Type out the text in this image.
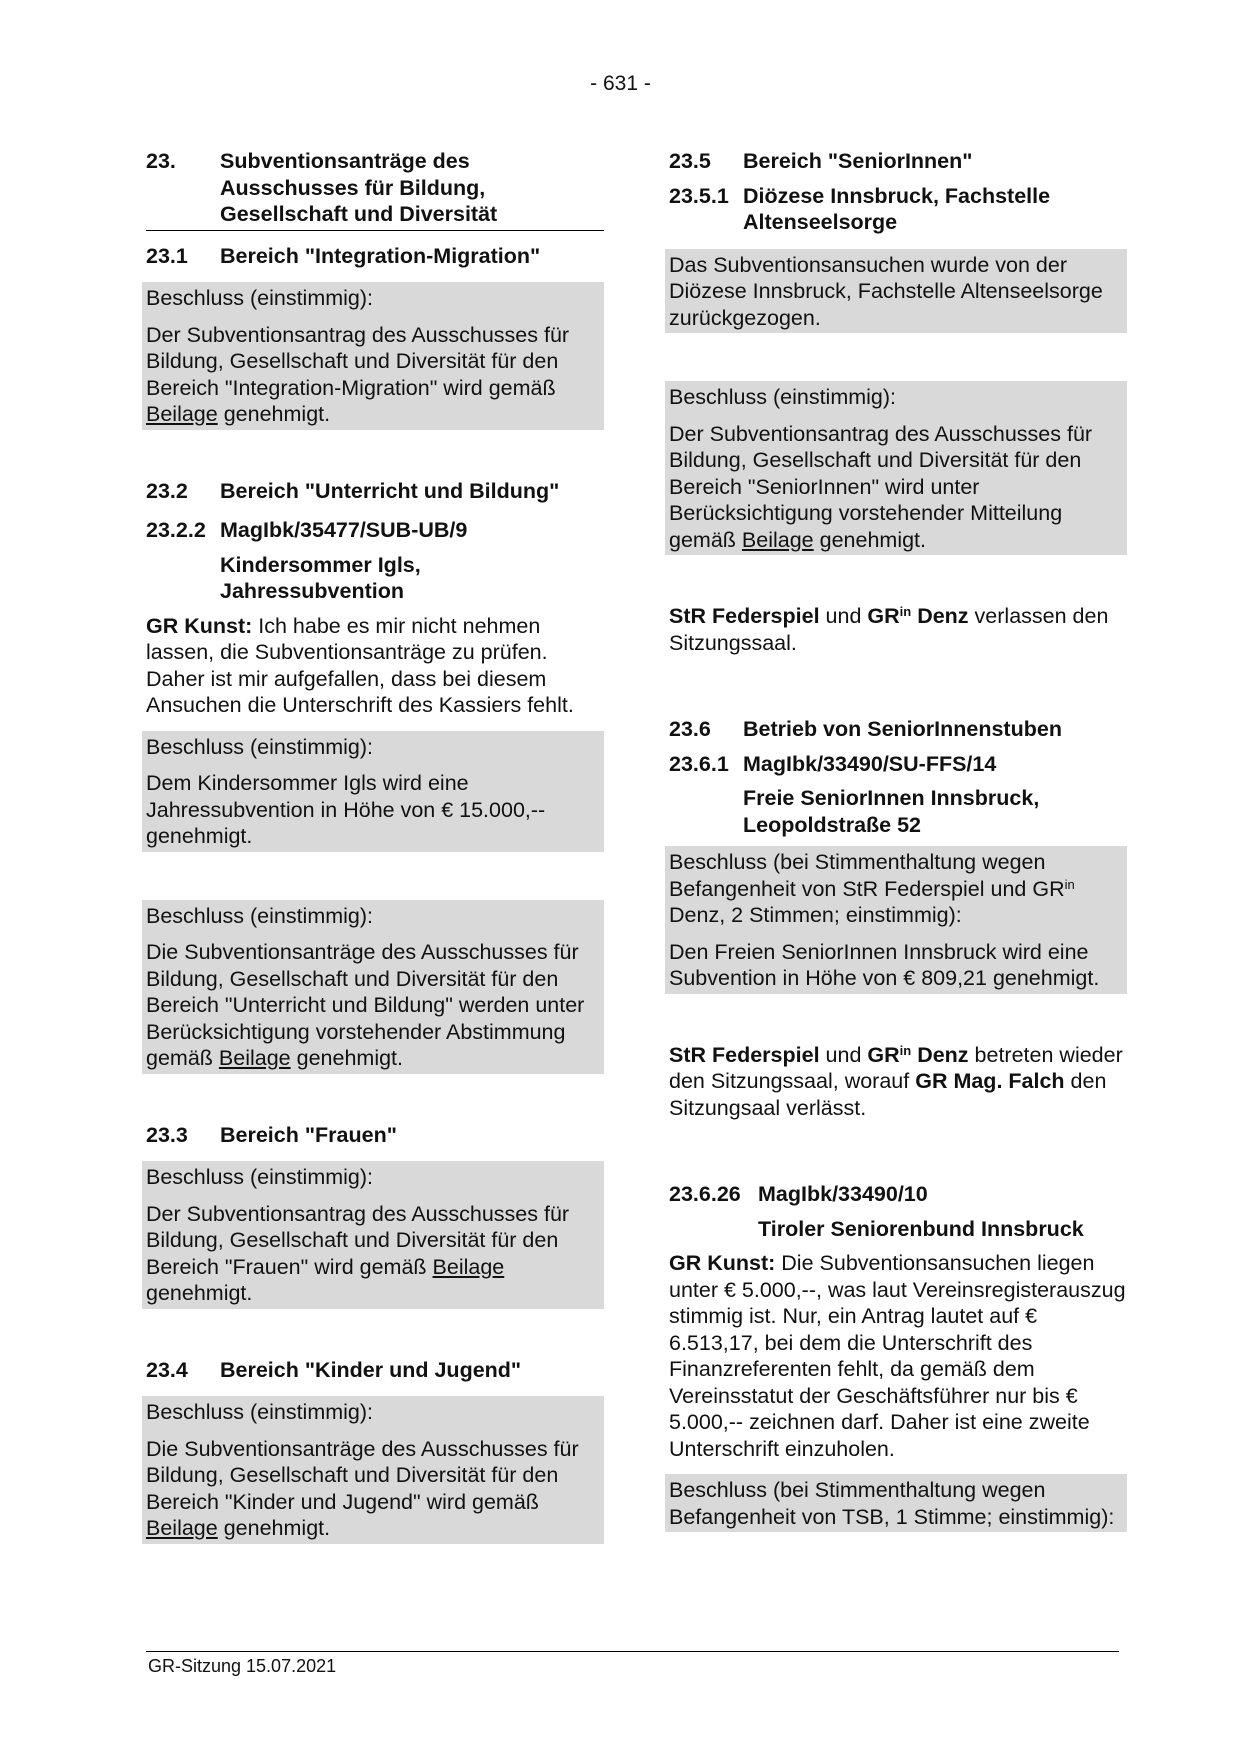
- 631 -
23.	Subventionsanträge des Ausschusses für Bildung, Gesellschaft und Diversität
23.1	Bereich "Integration-Migration"

Beschluss (einstimmig):

Der Subventionsantrag des Ausschusses für Bildung, Gesellschaft und Diversität für den Bereich "Integration-Migration" wird gemäß Beilage genehmigt.

23.2	Bereich "Unterricht und Bildung"
23.2.2 MagIbk/35477/SUB-UB/9
Kindersommer Igls, Jahressubvention

GR Kunst: Ich habe es mir nicht nehmen lassen, die Subventionsanträge zu prüfen. Daher ist mir aufgefallen, dass bei diesem Ansuchen die Unterschrift des Kassiers fehlt.

Beschluss (einstimmig):

Dem Kindersommer Igls wird eine Jahressubvention in Höhe von € 15.000,-- genehmigt.

Beschluss (einstimmig):

Die Subventionsanträge des Ausschusses für Bildung, Gesellschaft und Diversität für den Bereich "Unterricht und Bildung" werden unter Berücksichtigung vorstehender Abstimmung gemäß Beilage genehmigt.

23.3	Bereich "Frauen"

Beschluss (einstimmig):

Der Subventionsantrag des Ausschusses für Bildung, Gesellschaft und Diversität für den Bereich "Frauen" wird gemäß Beilage genehmigt.

23.4	Bereich "Kinder und Jugend"

Beschluss (einstimmig):

Die Subventionsanträge des Ausschusses für Bildung, Gesellschaft und Diversität für den Bereich "Kinder und Jugend" wird gemäß Beilage genehmigt.

23.5	Bereich "SeniorInnen"
23.5.1 Diözese Innsbruck, Fachstelle Altenseelsorge

Das Subventionsansuchen wurde von der Diözese Innsbruck, Fachstelle Altenseelsorge zurückgezogen.

Beschluss (einstimmig):

Der Subventionsantrag des Ausschusses für Bildung, Gesellschaft und Diversität für den Bereich "SeniorInnen" wird unter Berücksichtigung vorstehender Mitteilung gemäß Beilage genehmigt.

StR Federspiel und $GR^{in}$ Denz verlassen den Sitzungssaal.

23.6	Betrieb von SeniorInnenstuben
23.6.1 MagIbk/33490/SU-FFS/14
Freie SeniorInnen Innsbruck, Leopoldstraße 52

Beschluss (bei Stimmenthaltung wegen Befangenheit von StR Federspiel und $GR^{in}$ Denz, 2 Stimmen; einstimmig):

Den Freien SeniorInnen Innsbruck wird eine Subvention in Höhe von € 809,21 genehmigt.

StR Federspiel und $GR^{in}$ Denz betreten wieder den Sitzungssaal, worauf GR Mag. Falch den Sitzungsaal verlässt.

23.6.26 MagIbk/33490/10
Tiroler Seniorenbund Innsbruck

GR Kunst: Die Subventionsansuchen liegen unter € 5.000,--, was laut Vereinsregisterauszug stimmig ist. Nur, ein Antrag lautet auf € 6.513,17, bei dem die Unterschrift des Finanzreferenten fehlt, da gemäß dem Vereinsstatut der Geschäftsführer nur bis € 5.000,-- zeichnen darf. Daher ist eine zweite Unterschrift einzuholen.

Beschluss (bei Stimmenthaltung wegen Befangenheit von TSB, 1 Stimme; einstimmig):

GR-Sitzung 15.07.2021
